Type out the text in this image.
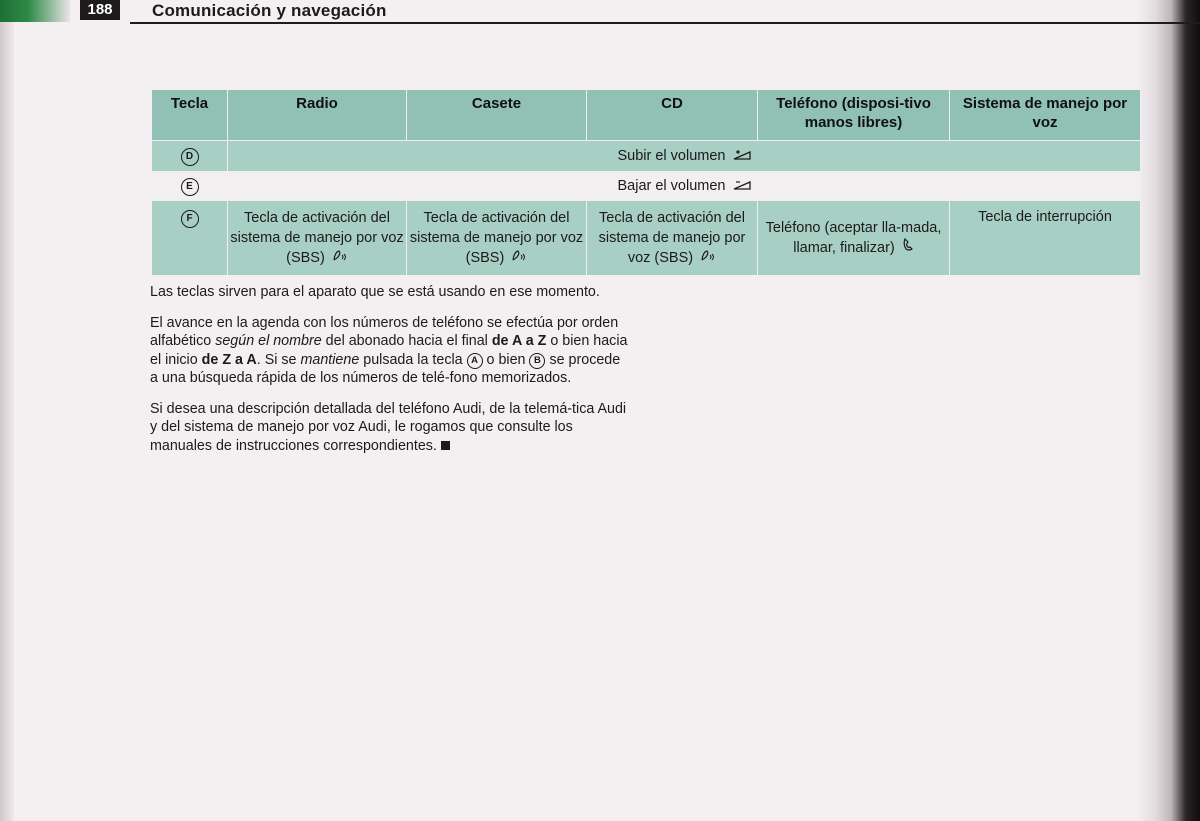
188	Comunicación y navegación
Tecla	Radio	Casete	CD	Teléfono (disposi-tivo manos libres)	Sistema de manejo por voz
D	Subir el volumen				
E	Bajar el volumen				
F	Tecla de activación del sistema de manejo por voz (SBS)	Tecla de activación del sistema de manejo por voz (SBS)	Tecla de activación del sistema de manejo por voz (SBS)	Teléfono (aceptar lla-mada, llamar, finalizar)	Tecla de interrupción

Las teclas sirven para el aparato que se está usando en ese momento.

El avance en la agenda con los números de teléfono se efectúa por orden alfabético según el nombre del abonado hacia el final de A a Z o bien hacia el inicio de Z a A. Si se mantiene pulsada la tecla A o bien B se procede a una búsqueda rápida de los números de telé-fono memorizados.

Si desea una descripción detallada del teléfono Audi, de la telemá-tica Audi y del sistema de manejo por voz Audi, le rogamos que consulte los manuales de instrucciones correspondientes.
